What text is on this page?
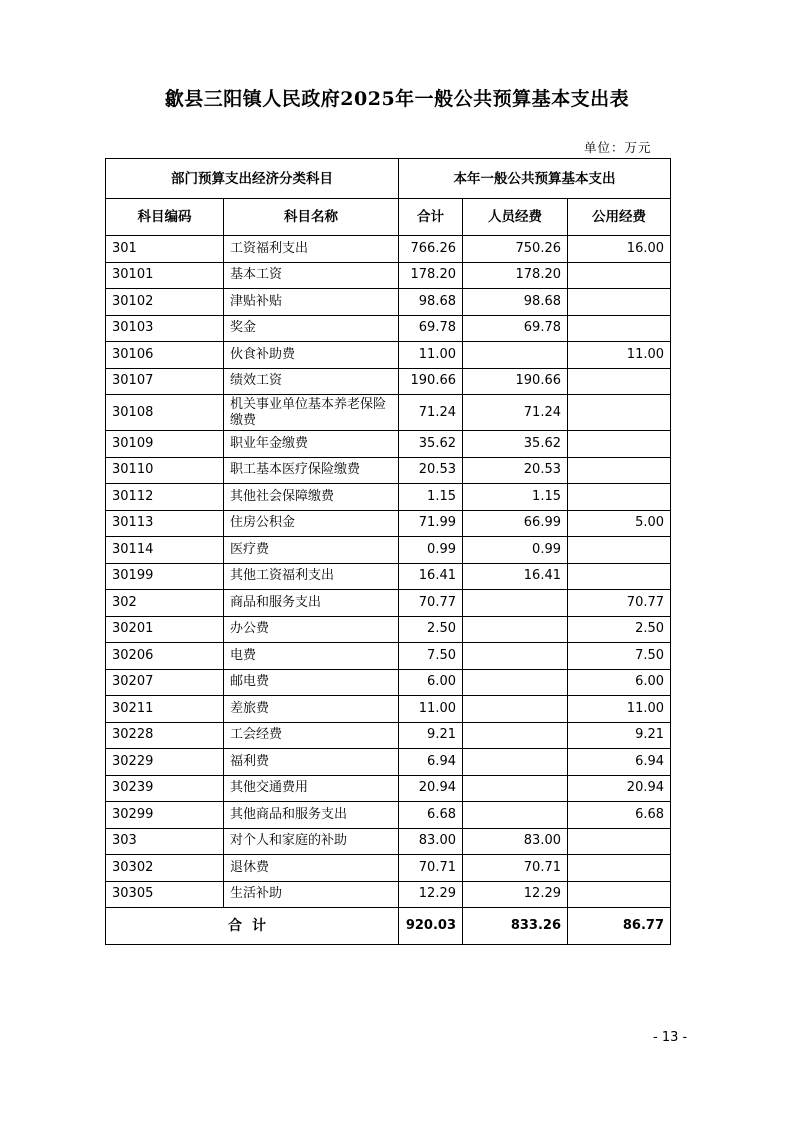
歙县三阳镇人民政府2025年一般公共预算基本支出表
单位：万元
部门预算支出经济分类科目		本年一般公共预算基本支出		
科目编码	科目名称	合计	人员经费	公用经费
301	工资福利支出	766.26	750.26	16.00
30101	基本工资	178.20	178.20	
30102	津贴补贴	98.68	98.68	
30103	奖金	69.78	69.78	
30106	伙食补助费	11.00		11.00
30107	绩效工资	190.66	190.66	
30108	机关事业单位基本养老保险缴费	71.24	71.24	
30109	职业年金缴费	35.62	35.62	
30110	职工基本医疗保险缴费	20.53	20.53	
30112	其他社会保障缴费	1.15	1.15	
30113	住房公积金	71.99	66.99	5.00
30114	医疗费	0.99	0.99	
30199	其他工资福利支出	16.41	16.41	
302	商品和服务支出	70.77		70.77
30201	办公费	2.50		2.50
30206	电费	7.50		7.50
30207	邮电费	6.00		6.00
30211	差旅费	11.00		11.00
30228	工会经费	9.21		9.21
30229	福利费	6.94		6.94
30239	其他交通费用	20.94		20.94
30299	其他商品和服务支出	6.68		6.68
303	对个人和家庭的补助	83.00	83.00	
30302	退休费	70.71	70.71	
30305	生活补助	12.29	12.29	
合计		920.03	833.26	86.77
- 13 -
